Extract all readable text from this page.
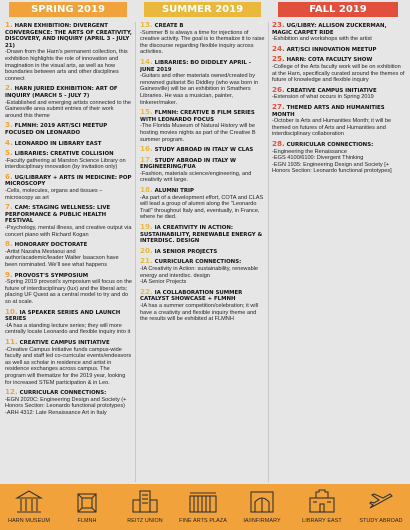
SPRING 2019	SUMMER 2019	FALL 2019
1. HARN EXHIBITION: DIVERGENT CONVERGENCE: THE ARTS OF CREATIVITY, DISCOVERY, AND INQUIRY (APRIL 3 - JULY 21)
-Drawn from the Harn's permanent collection, this exhibition highlights the role of innovation and imagination in the visual arts, as well as how boundaries between arts and other disciplines connect
2. HARN JURIED EXHIBITION: ART OF INQUIRY (MARCH 5 - JULY 7)
-Established and emerging artists connected to the Gainesville area submit entries of their work around this theme
3. FLMNH: 2019 ART/SCI MEETUP FOCUSED ON LEONARDO
4. LEONARDO IN LIBRARY EAST
5. LIBRARIES: CREATIVE COLLISION
-Faculty gathering at Marston Science Library on interdisciplinary innovation (by invitation only)
6. UG/LIBRARY + ARTS IN MEDICINE: POP MICROSCOPY
-Cells, molecules, organs and tissues – microscopy as art
7. CAM: STAGING WELLNESS: LIVE PERFORMANCE & PUBLIC HEALTH FESTIVAL
-Psychology, mental illness, and creative output via concert piano with Richard Kogan
8. HONORARY DOCTORATE
-Artist Nazaha Mestaoui and author/academic/leader Walter Isaacson have been nominated. We'll see what happens
9. PROVOST'S SYMPOSIUM
-Spring 2019 provost's symposium will focus on the future of interdisciplinary (lux) and the liberal arts; placing UF Quest as a central model to try and do so at scale.
10. IA SPEAKER SERIES AND LAUNCH SERIES
-IA has a standing lecture series; they will more centrally locate Leonardo and flexible inquiry into it
11. CREATIVE CAMPUS INITIATIVE
-Creative Campus Initiative funds campus-wide faculty and staff led co-curricular events/endeavors as well as scholar in residence and artist in residence exchanges across campus. The program will thematize for the 2019 year, looking for increased STEM participation & in Leo.
12. CURRICULAR CONNECTIONS:
-EGN 2020C: Engineering Design and Society (+ Honors Section: Leonardo functional prototypes)
-ARH 4312: Late Renaissance Art in Italy
13. CREATE B
-Summer B is always a time for injections of creative activity. The goal is to thematize it to raise the discourse regarding flexible inquiry across activities.
14. LIBRARIES: BO DIDDLEY APRIL - JUNE 2019
-Guitars and other materials owned/created by renowned guitarist Bo Diddley (who was born in Gainesville) will be an exhibition in Smathers Libraries. He was a musician, painter, tinkerer/maker.
15. FLMNH: CREATIVE B FILM SERIES WITH LEONARDO FOCUS
-The Florida Museum of Natural History will be hosting movies nights as part of the Creative B summer program.
16. STUDY ABROAD IN ITALY W CLAS
17. STUDY ABROAD IN ITALY W ENGINEERING/FUA
-Fashion, materials science/engineering, and creativity writ large.
18. ALUMNI TRIP
-As part of a development effort, COTA and CLAS will lead a group of alumni along the "Leonardo Trail" throughout Italy and, eventually, in France, where he died.
19. IA CREATIVITY IN ACTION: SUSTAINABILITY, RENEWABLE ENERGY & INTERDISC. DESIGN
20. IA SENIOR PROJECTS
21. CURRICULAR CONNECTIONS:
-IA Creativity in Action: sustainability, renewable energy and interdisc. design
-IA Senior Projects
22. IA COLLABORATION SUMMER CATALYST SHOWCASE + FLMNH
-IA has a summer competition/celebration; it will have a creativity and flexible inquiry theme and the results will be exhibited at FLMNH
23. UG/LIBRY: ALLISON ZUCKERMAN, MAGIC CARPET RIDE
-Exhibition and workshops with the artist
24. ART/SCI INNOVATION MEETUP
25. HARN: COTA FACULTY SHOW
-College of the Arts faculty work will be on exhibition at the Harn, specifically curated around the themes of future of knowledge and flexible inquiry
26. CREATIVE CAMPUS INITIATIVE
-Extension of what occurs in Spring 2019
27. THEMED ARTS AND HUMANITIES MONTH
-October is Arts and Humanities Month; it will be themed on futures of Arts and Humanities and interdisciplinary collaboration
28. CURRICULAR CONNECTIONS:
-Engineering the Renaissance
-EGS 4100/6100: Divergent Thinking
-EGN 1935: Engineering Design and Society [+ Honors Section: Leonardo functional prototypes]
HARN MUSEUM	FLMNH	REITZ UNION	FINE ARTS PLAZA	IA/INFIRMARY	LIBRARY EAST	STUDY ABROAD
